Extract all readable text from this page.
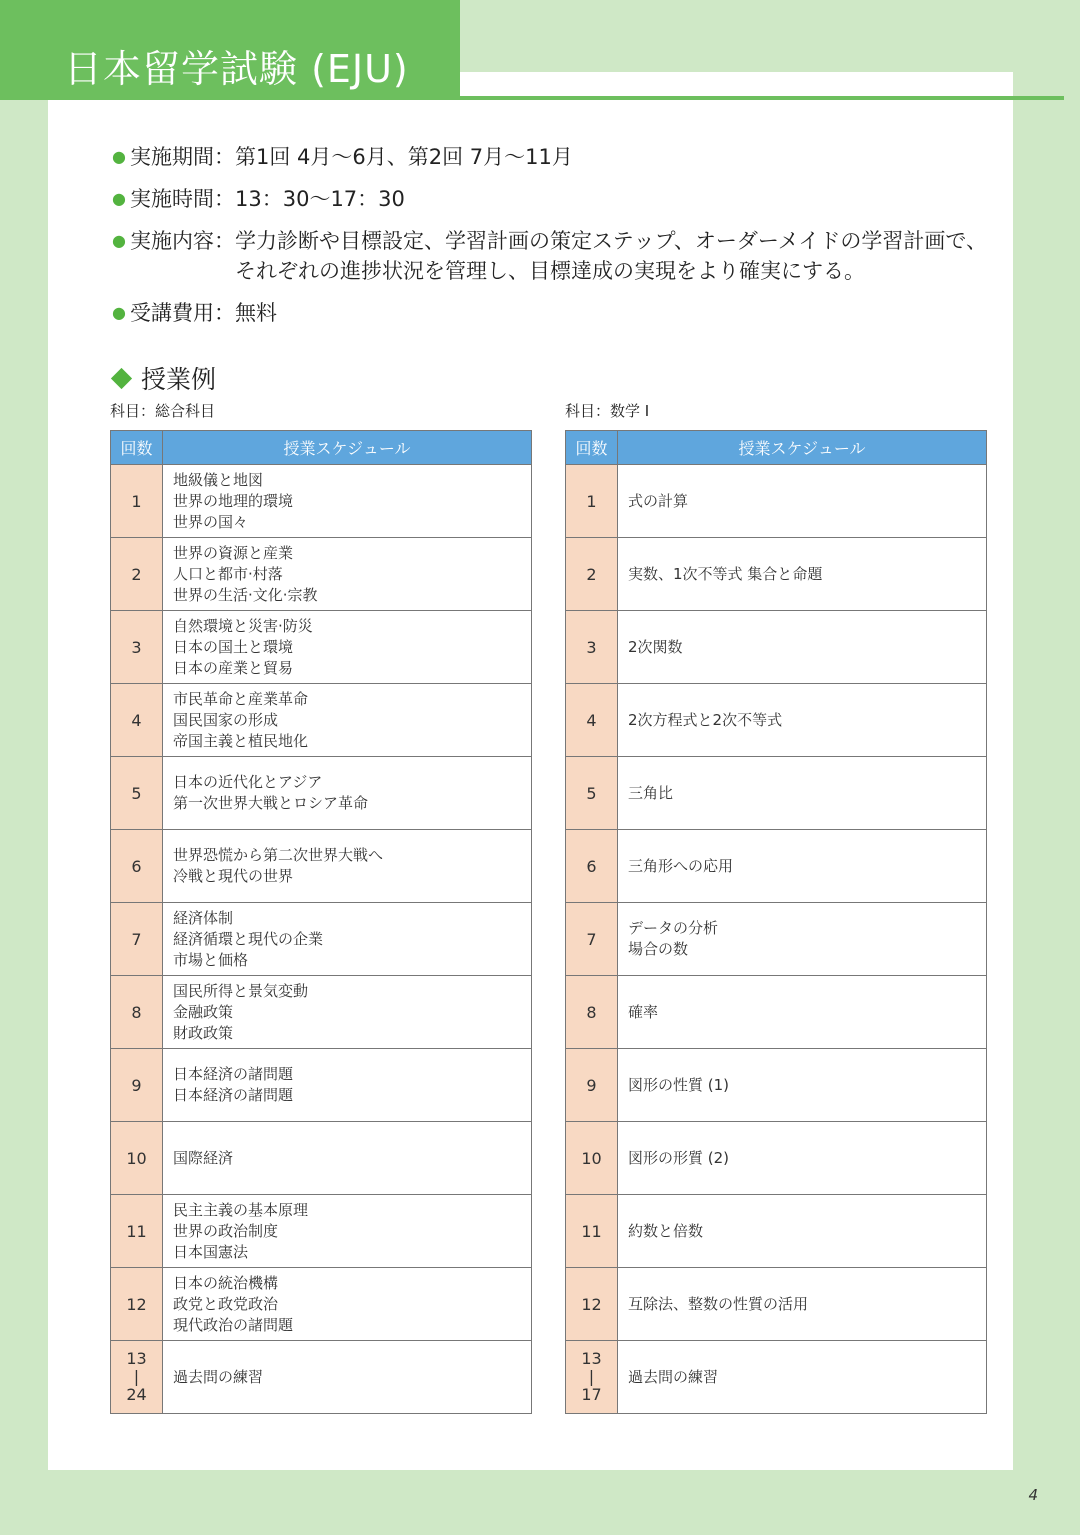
日本留学試験 (EJU)
● 実施期間： 第1回 4月〜6月、第2回 7月〜11月
● 実施時間： 13：30〜17：30
● 実施内容： 学力診断や目標設定、学習計画の策定ステップ、オーダーメイドの学習計画で、それぞれの進捗状況を管理し、目標達成の実現をより確実にする。
● 受講費用： 無料
授業例
科目：総合科目	科目：数学 I
回数	授業スケジュール
1	地級儀と地図
世界の地理的環境
世界の国々

2	世界の資源と産業
人口と都市·村落
世界の生活·文化·宗教

3	自然環境と災害·防災
日本の国土と環境
日本の産業と貿易

4	市民革命と産業革命
国民国家の形成
帝国主義と植民地化

5	日本の近代化とアジア
第一次世界大戦とロシア革命

6	世界恐慌から第二次世界大戦へ
冷戦と現代の世界

7	経済体制
経済循環と現代の企業
市場と価格

8	国民所得と景気変動
金融政策
財政政策

9	日本経済の諸問題
日本経済の諸問題

10	国際経済

11	民主主義の基本原理
世界の政治制度
日本国憲法

12	日本の統治機構
政党と政党政治
現代政治の諸問題

13
|
24	過去問の練習
回数	授業スケジュール
1	式の計算

2	実数、1次不等式 集合と命題

3	2次関数

4	2次方程式と2次不等式

5	三角比

6	三角形への応用

7	データの分析
場合の数

8	確率

9	図形の性質 (1)

10	図形の形質 (2)

11	約数と倍数

12	互除法、整数の性質の活用

13
|
17	過去問の練習
4
